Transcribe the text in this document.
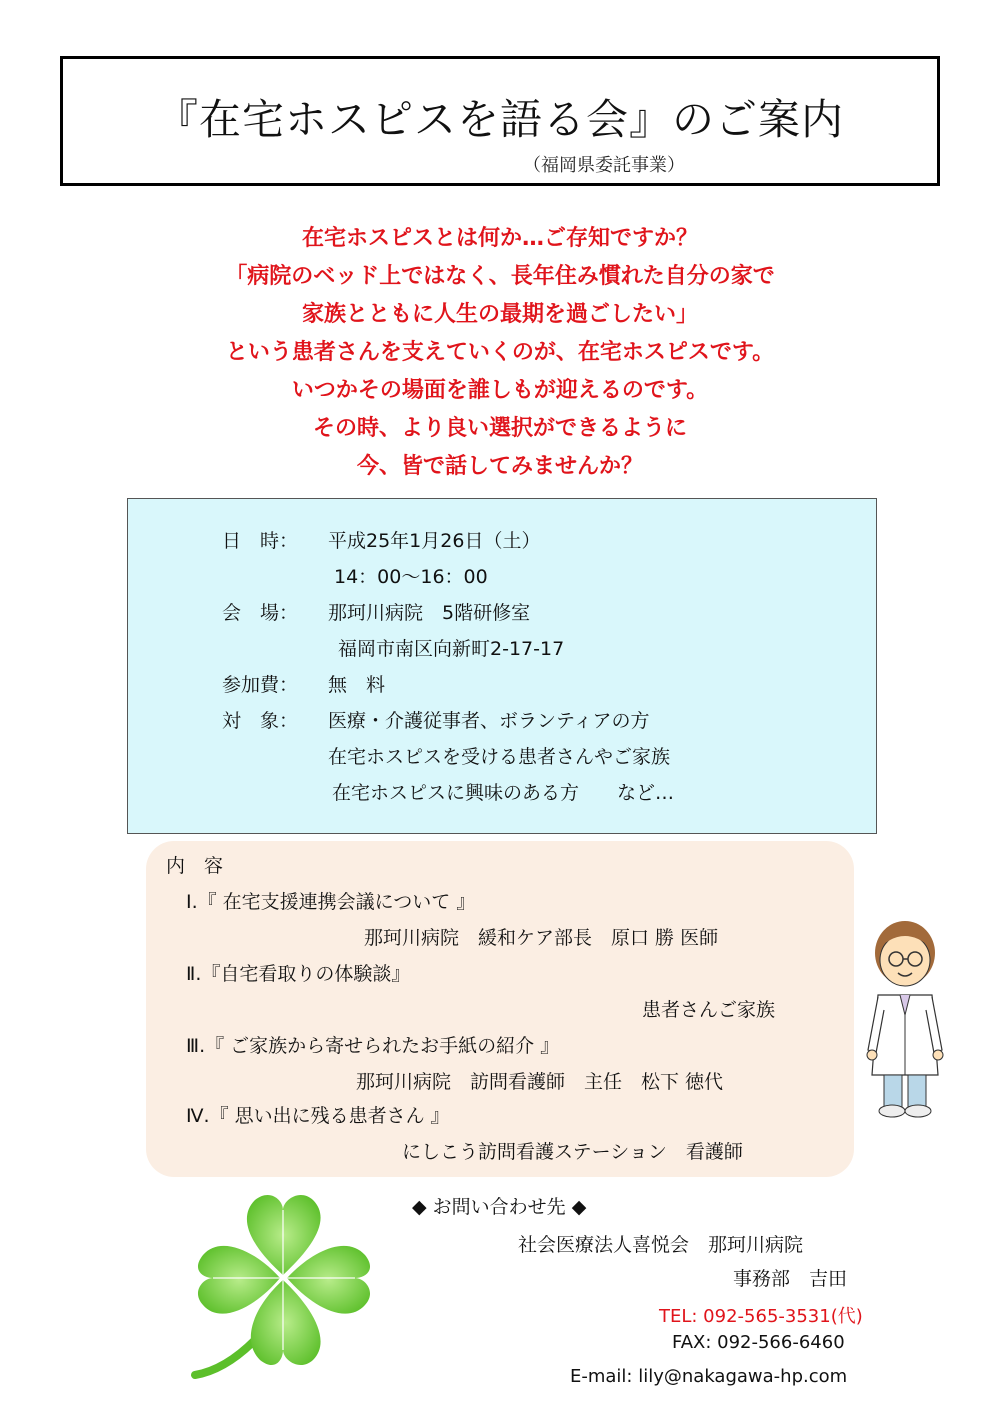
『在宅ホスピスを語る会』のご案内
（福岡県委託事業）
在宅ホスピスとは何か…ご存知ですか？
「病院のベッド上ではなく、長年住み慣れた自分の家で
家族とともに人生の最期を過ごしたい」
という患者さんを支えていくのが、在宅ホスピスです。
いつかその場面を誰しもが迎えるのです。
その時、より良い選択ができるように
今、皆で話してみませんか？
日　時：	平成25年1月26日（土）
14：00～16：00
会　場：	那珂川病院　5階研修室
福岡市南区向新町2-17-17
参加費：	無　料
対　象：	医療・介護従事者、ボランティアの方
在宅ホスピスを受ける患者さんやご家族
在宅ホスピスに興味のある方　　など…
内　容
Ⅰ.『 在宅支援連携会議について 』
那珂川病院　緩和ケア部長　原口 勝 医師
Ⅱ.『自宅看取りの体験談』
患者さんご家族
Ⅲ.『 ご家族から寄せられたお手紙の紹介 』
那珂川病院　訪問看護師　主任　松下 徳代
Ⅳ.『 思い出に残る患者さん 』
にしこう訪問看護ステーション　看護師
◆ お問い合わせ先 ◆
社会医療法人喜悦会　那珂川病院
事務部　吉田
TEL: 092-565-3531(代)
FAX: 092-566-6460
E-mail: lily@nakagawa-hp.com
